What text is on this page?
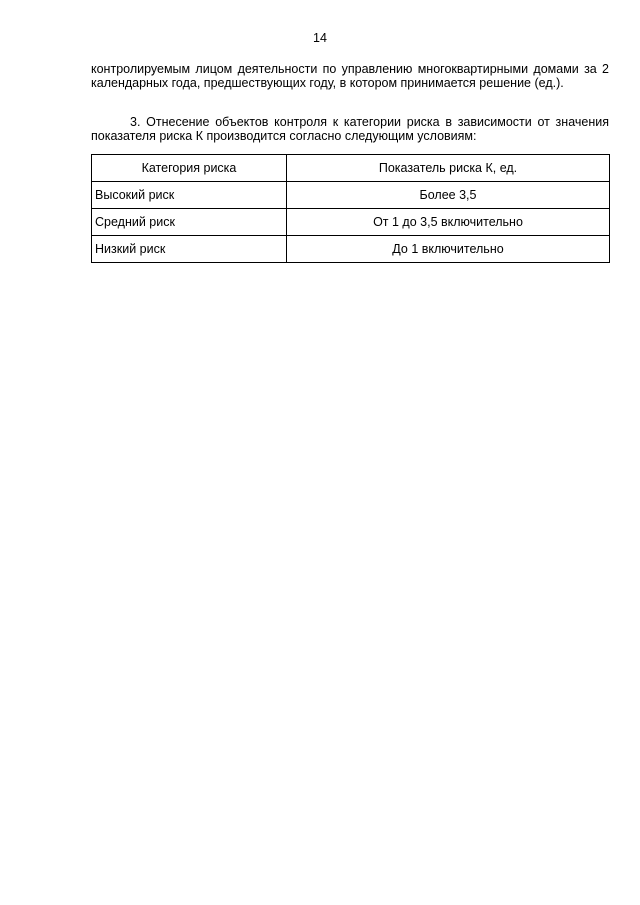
14

контролируемым лицом деятельности по управлению многоквартирными домами за 2 календарных года, предшествующих году, в котором принимается решение (ед.).

3. Отнесение объектов контроля к категории риска в зависимости от значения показателя риска К производится согласно следующим условиям:

Категория риска	Показатель риска К, ед.
Высокий риск	Более 3,5
Средний риск	От 1 до 3,5 включительно
Низкий риск	До 1 включительно
